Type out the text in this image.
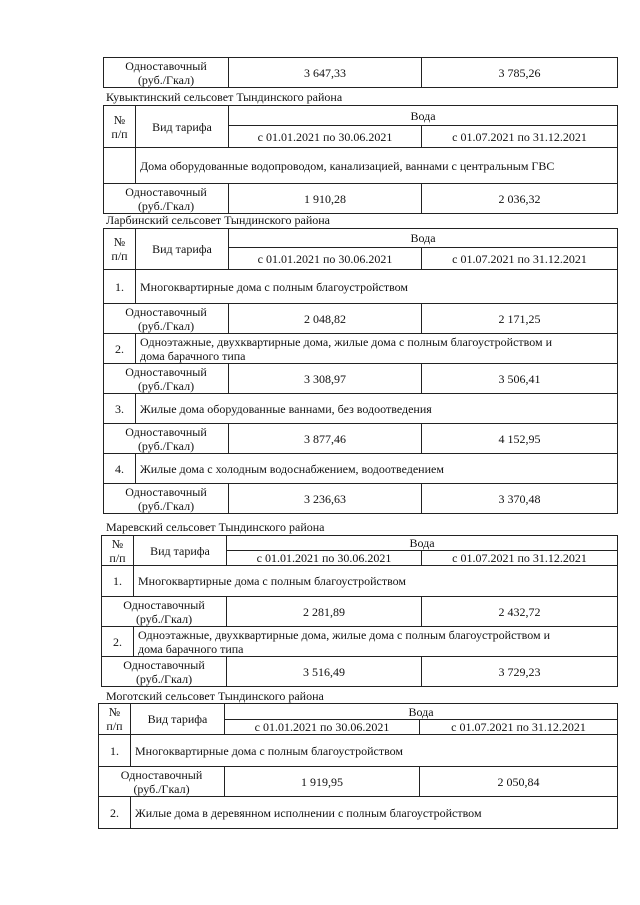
Одноставочный
(руб./Гкал)	3 647,33	3 785,26
Кувыктинский сельсовет Тындинского района
№
п/п	Вид тарифа	Вода	
		с 01.01.2021 по 30.06.2021	с 01.07.2021 по 31.12.2021
	Дома оборудованные водопроводом, канализацией, ваннами с центральным ГВС		
Одноставочный
(руб./Гкал)		1 910,28	2 036,32
Ларбинский сельсовет Тындинского района
№
п/п	Вид тарифа	Вода	
		с 01.01.2021 по 30.06.2021	с 01.07.2021 по 31.12.2021
1.	Многоквартирные дома с полным благоустройством		
Одноставочный
(руб./Гкал)		2 048,82	2 171,25
2.	Одноэтажные, двухквартирные дома, жилые дома с полным благоустройством и
дома барачного типа		
Одноставочный
(руб./Гкал)		3 308,97	3 506,41
3.	Жилые дома оборудованные ваннами, без водоотведения		
Одноставочный
(руб./Гкал)		3 877,46	4 152,95
4.	Жилые дома с холодным водоснабжением, водоотведением		
Одноставочный
(руб./Гкал)		3 236,63	3 370,48
Маревский сельсовет Тындинского района
№
п/п	Вид тарифа	Вода	
		с 01.01.2021 по 30.06.2021	с 01.07.2021 по 31.12.2021
1.	Многоквартирные дома с полным благоустройством		
Одноставочный
(руб./Гкал)		2 281,89	2 432,72
2.	Одноэтажные, двухквартирные дома, жилые дома с полным благоустройством и
дома барачного типа		
Одноставочный
(руб./Гкал)		3 516,49	3 729,23
Моготский сельсовет Тындинского района
№
п/п	Вид тарифа	Вода	
		с 01.01.2021 по 30.06.2021	с 01.07.2021 по 31.12.2021
1.	Многоквартирные дома с полным благоустройством		
Одноставочный
(руб./Гкал)		1 919,95	2 050,84
2.	Жилые дома в деревянном исполнении с полным благоустройством		
